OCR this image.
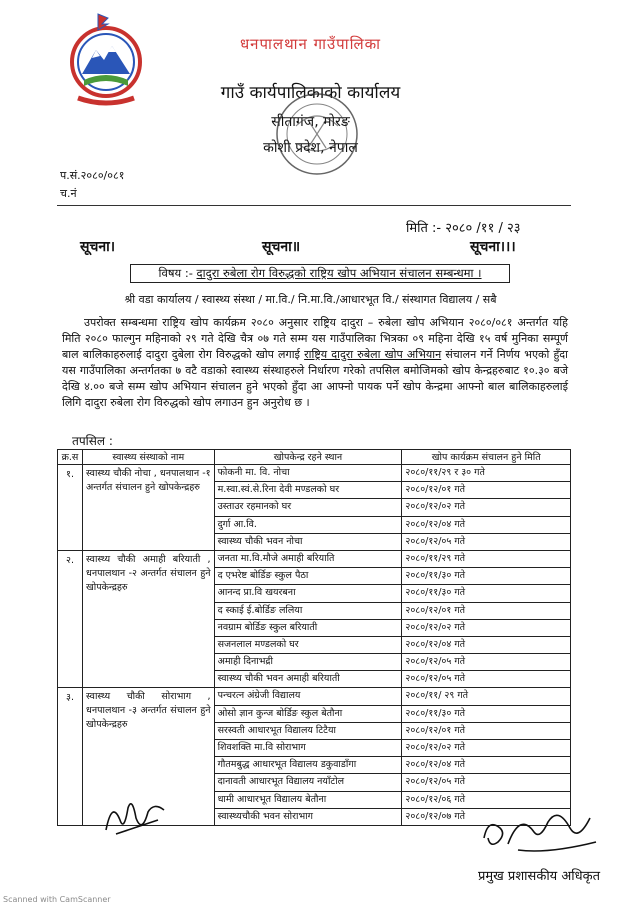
धनपालथान गाउँपालिका
गाउँ कार्यपालिकाको कार्यालय
सीतागंज, मोरङ
कोशी प्रदेश, नेपाल
प.सं.२०८०/०८१
च.नं
मिति :- २०८० /११ / २३
सूचना।	सूचना॥	सूचना।।।
विषय :- दादुरा रुबेला रोग विरुद्धको राष्ट्रिय खोप अभियान संचालन सम्बन्धमा ।
श्री वडा कार्यालय / स्वास्थ्य संस्था / मा.वि./ नि.मा.वि./आधारभूत वि./ संस्थागत विद्यालय / सबै
उपरोक्त सम्बन्धमा राष्ट्रिय खोप कार्यक्रम २०८० अनुसार राष्ट्रिय दादुरा – रुबेला खोप अभियान २०८०/०८१ अन्तर्गत यहि मिति २०८० फाल्गुन महिनाको २९ गते देखि चैत्र ०७ गते सम्म यस गाउँपालिका भित्रका ०९ महिना देखि १५ वर्ष मुनिका सम्पूर्ण बाल बालिकाहरुलाई दादुरा दुबेला रोग विरुद्धको खोप लगाई राष्ट्रिय दादुरा रुबेला खोप अभियान संचालन गर्ने निर्णय भएको हुँदा यस गाउँपालिका अन्तर्गतका ७ वटै वडाको स्वास्थ्य संस्थाहरुले निर्धारण गरेको तपसिल बमोजिमको खोप केन्द्रहरुबाट १०.३० बजे देखि ४.०० बजे सम्म खोप अभियान संचालन हुने भएको हुँदा आ आफ्नो पायक पर्ने खोप केन्द्रमा आफ्नो बाल बालिकाहरुलाई लिगि दादुरा रुबेला रोग विरुद्धको खोप लगाउन हुन अनुरोध छ ।
तपसिल :
क्र.स	स्वास्थ्य संस्थाको नाम	खोपकेन्द्र रहने स्थान	खोप कार्यक्रम संचालन हुने मिति
१.	स्वास्थ्य चौकी नोचा , धनपालथान -१ अन्तर्गत संचालन हुने खोपकेन्द्रहरु	फोकनी मा. वि. नोचा	२०८०/११/२९ र ३० गते
		म.स्वा.स्वं.से.रिना देवी मण्डलको घर	२०८०/१२/०१ गते
		उस्ताउर रहमानको घर	२०८०/१२/०२ गते
		दुर्गा आ.वि.	२०८०/१२/०४ गते
		स्वास्थ्य चौकी भवन नोचा	२०८०/१२/०५ गते
२.	स्वास्थ्य चौकी अमाही बरियाती , धनपालथान -२ अन्तर्गत संचालन हुने खोपकेन्द्रहरु	जनता मा.वि.मौजे अमाही बरियाति	२०८०/११/२९ गते
		द एभरेष्ट बोर्डिङ स्कुल पैठा	२०८०/११/३० गते
		आनन्द प्रा.वि खयरबना	२०८०/११/३० गते
		द स्काई ई.बोर्डिङ ललिया	२०८०/१२/०१ गते
		नवग्राम बोर्डिङ स्कुल बरियाती	२०८०/१२/०२ गते
		सजनलाल मण्डलको घर	२०८०/१२/०४ गते
		अमाही दिनाभद्री	२०८०/१२/०५ गते
		स्वास्थ्य चौकी भवन अमाही बरियाती	२०८०/१२/०५ गते
३.	स्वास्थ्य चौकी सोराभाग , धनपालथान -३ अन्तर्गत संचालन हुने खोपकेन्द्रहरु	पन्चरत्न अंग्रेजी विद्यालय	२०८०/११/ २९ गते
		ओसो ज्ञान कुन्ज बोर्डिङ स्कुल बेतौना	२०८०/११/३० गते
		सरस्वती आधारभूत विद्यालय टिटैया	२०८०/१२/०१ गते
		शिवशक्ति मा.वि सोराभाग	२०८०/१२/०२ गते
		गौतमबुद्ध आधारभूत विद्यालय डकुवाडाँगा	२०८०/१२/०४ गते
		दानावती आधारभूत विद्यालय नयाँटोल	२०८०/१२/०५ गते
		धामी आधारभूत विद्यालय बेतौना	२०८०/१२/०६ गते
		स्वास्थ्यचौकी भवन सोराभाग	२०८०/१२/०७ गते
प्रमुख प्रशासकीय अधिकृत
Scanned with CamScanner
